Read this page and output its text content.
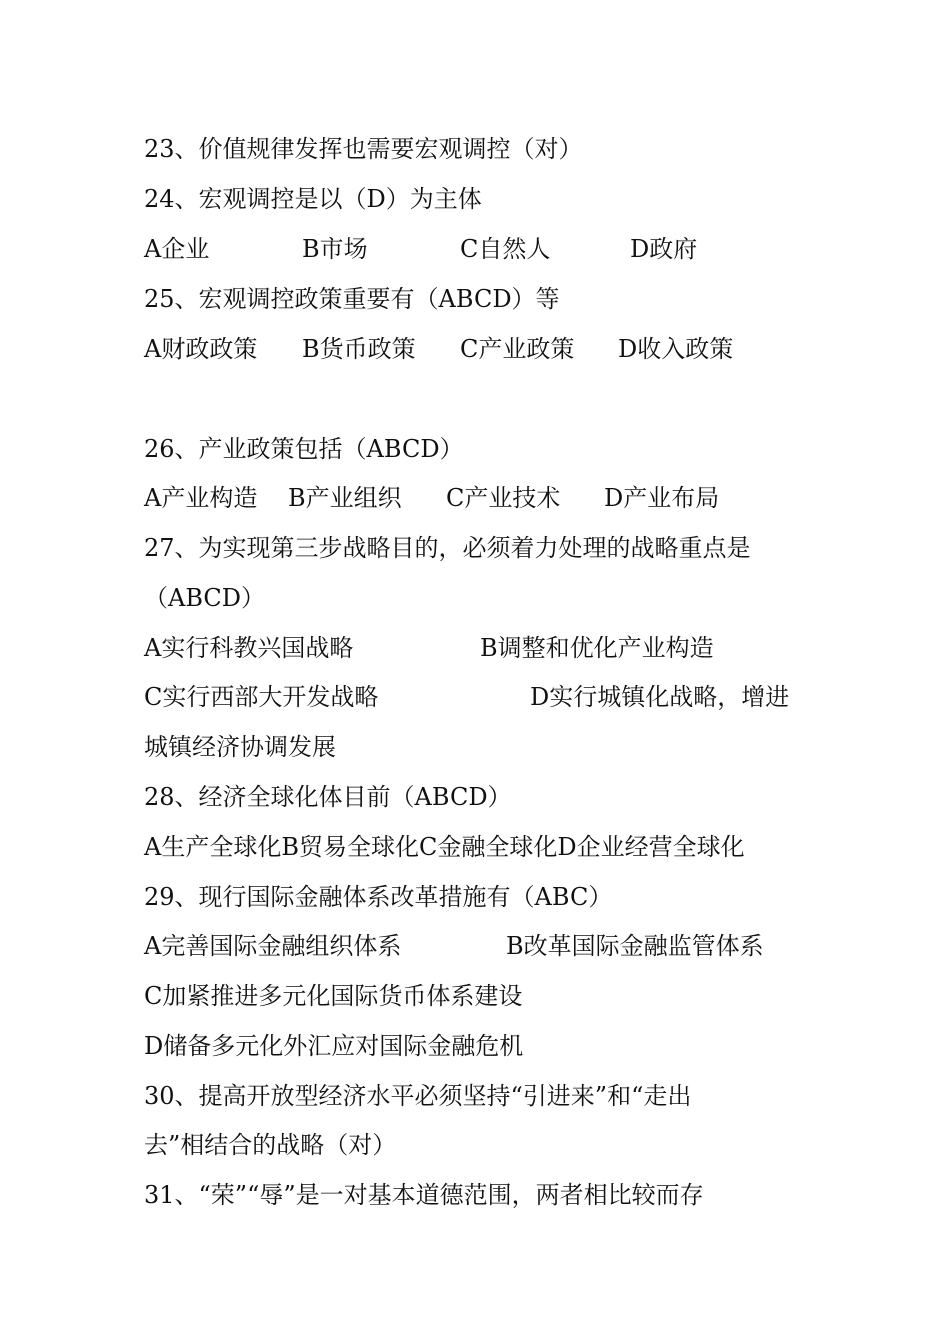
23、价值规律发挥也需要宏观调控（对）
24、宏观调控是以（D）为主体
A企业	B市场	C自然人	D政府
25、宏观调控政策重要有（ABCD）等
A财政政策 B货币政策 C产业政策 D收入政策
26、产业政策包括（ABCD）
A产业构造 B产业组织 C产业技术 D产业布局
27、为实现第三步战略目的，必须着力处理的战略重点是
（ABCD）
A实行科教兴国战略	B调整和优化产业构造
C实行西部大开发战略	D实行城镇化战略，增进
城镇经济协调发展
28、经济全球化体目前（ABCD）
A生产全球化B贸易全球化C金融全球化D企业经营全球化
29、现行国际金融体系改革措施有（ABC）
A完善国际金融组织体系	B改革国际金融监管体系
C加紧推进多元化国际货币体系建设
D储备多元化外汇应对国际金融危机
30、提高开放型经济水平必须坚持“引进来”和“走出
去”相结合的战略（对）
31、“荣”“辱”是一对基本道德范围，两者相比较而存
